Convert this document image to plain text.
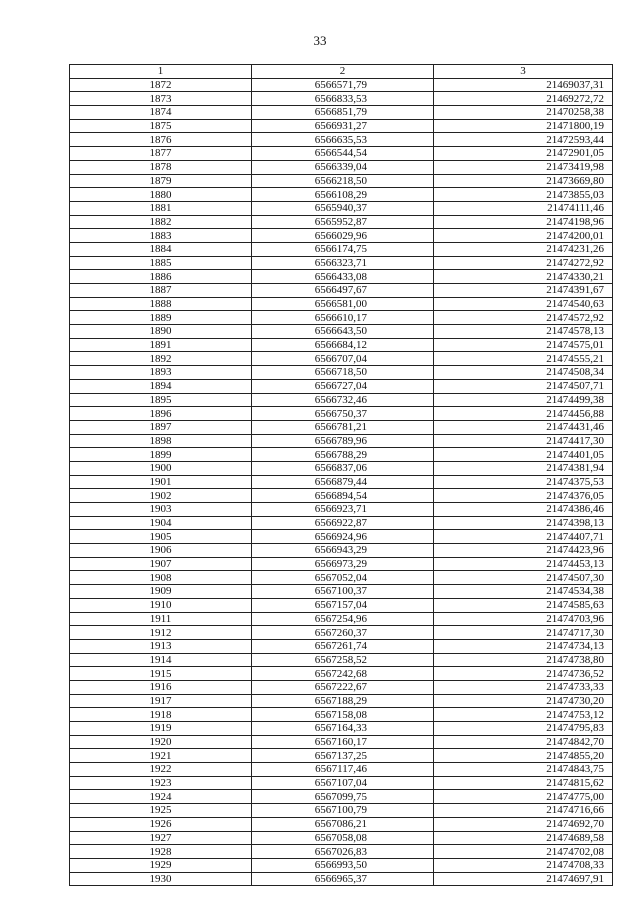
33
1	2	3
1872	6566571,79	21469037,31
1873	6566833,53	21469272,72
1874	6566851,79	21470258,38
1875	6566931,27	21471800,19
1876	6566635,53	21472593,44
1877	6566544,54	21472901,05
1878	6566339,04	21473419,98
1879	6566218,50	21473669,80
1880	6566108,29	21473855,03
1881	6565940,37	21474111,46
1882	6565952,87	21474198,96
1883	6566029,96	21474200,01
1884	6566174,75	21474231,26
1885	6566323,71	21474272,92
1886	6566433,08	21474330,21
1887	6566497,67	21474391,67
1888	6566581,00	21474540,63
1889	6566610,17	21474572,92
1890	6566643,50	21474578,13
1891	6566684,12	21474575,01
1892	6566707,04	21474555,21
1893	6566718,50	21474508,34
1894	6566727,04	21474507,71
1895	6566732,46	21474499,38
1896	6566750,37	21474456,88
1897	6566781,21	21474431,46
1898	6566789,96	21474417,30
1899	6566788,29	21474401,05
1900	6566837,06	21474381,94
1901	6566879,44	21474375,53
1902	6566894,54	21474376,05
1903	6566923,71	21474386,46
1904	6566922,87	21474398,13
1905	6566924,96	21474407,71
1906	6566943,29	21474423,96
1907	6566973,29	21474453,13
1908	6567052,04	21474507,30
1909	6567100,37	21474534,38
1910	6567157,04	21474585,63
1911	6567254,96	21474703,96
1912	6567260,37	21474717,30
1913	6567261,74	21474734,13
1914	6567258,52	21474738,80
1915	6567242,68	21474736,52
1916	6567222,67	21474733,33
1917	6567188,29	21474730,20
1918	6567158,08	21474753,12
1919	6567164,33	21474795,83
1920	6567160,17	21474842,70
1921	6567137,25	21474855,20
1922	6567117,46	21474843,75
1923	6567107,04	21474815,62
1924	6567099,75	21474775,00
1925	6567100,79	21474716,66
1926	6567086,21	21474692,70
1927	6567058,08	21474689,58
1928	6567026,83	21474702,08
1929	6566993,50	21474708,33
1930	6566965,37	21474697,91
